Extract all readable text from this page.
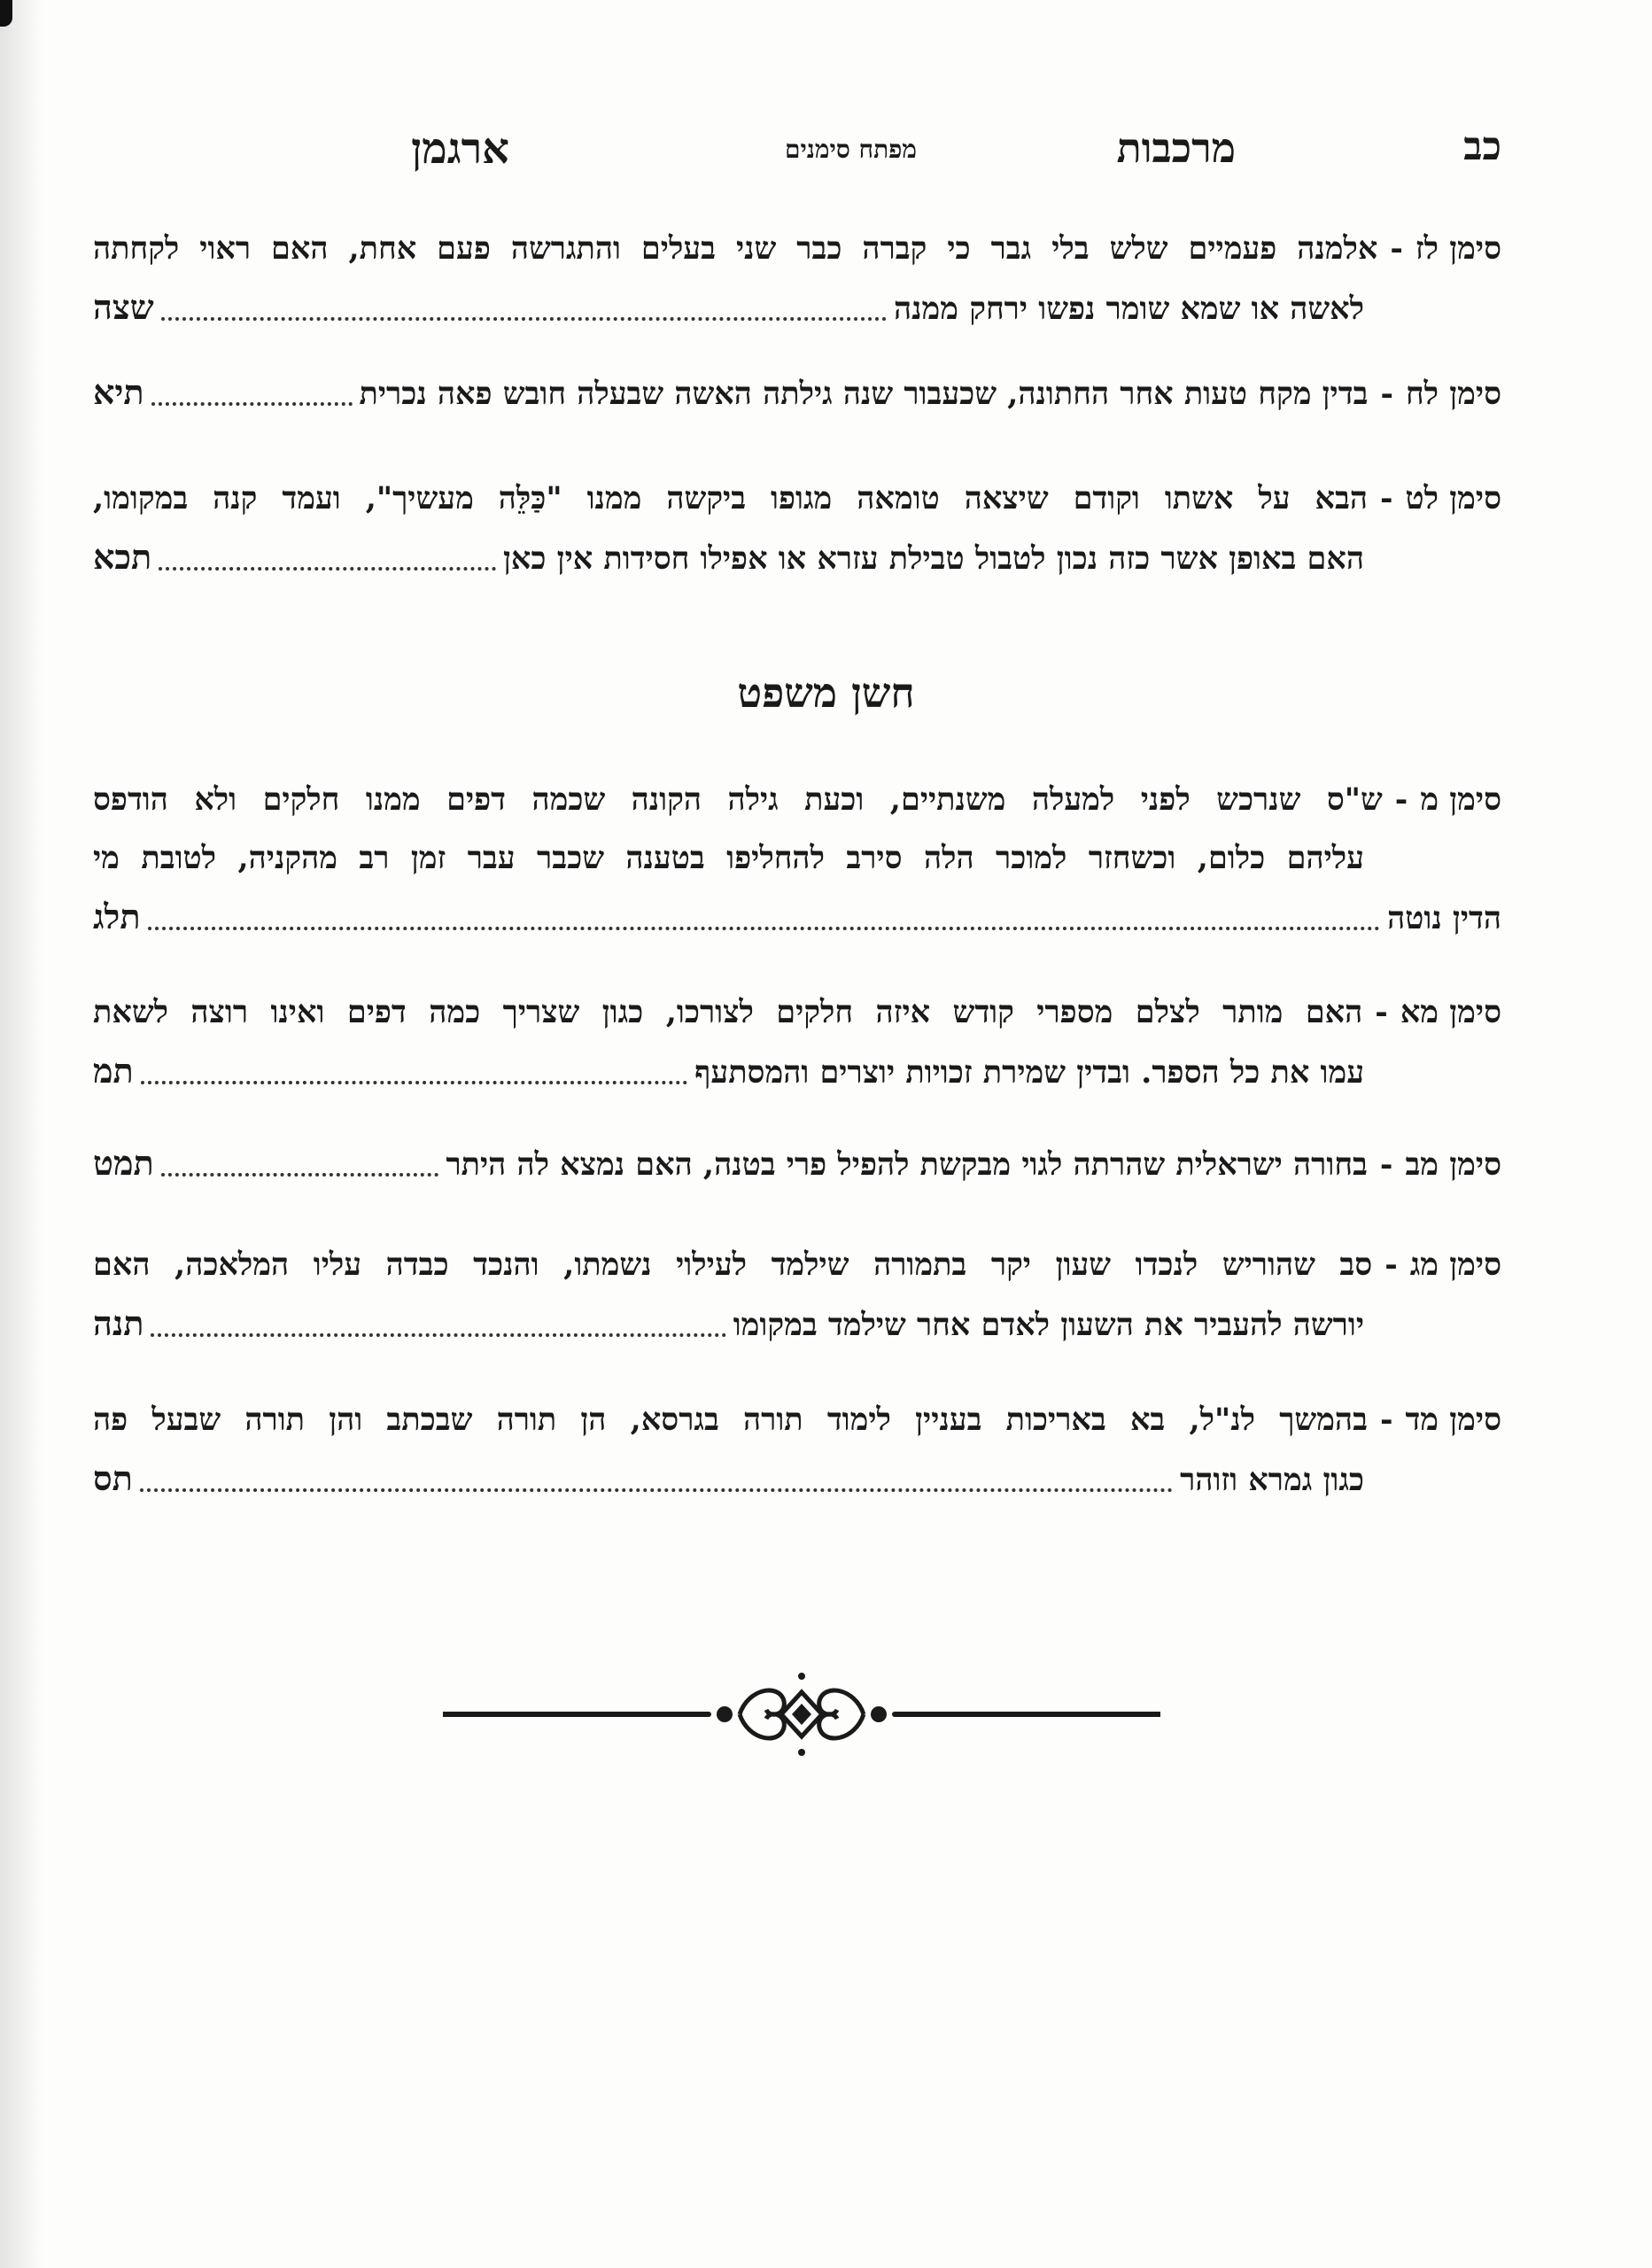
כב
מרכבות
מפתח סימנים
ארגמן
סימן לז
-
אלמנה פעמיים שלש בלי גבר כי קברה כבר שני בעלים והתגרשה פעם אחת, האם ראוי לקחתה
לאשה או שמא שומר נפשו ירחק ממנה
שצה
סימן לח
-
בדין מקח טעות אחר החתונה, שכעבור שנה גילתה האשה שבעלה חובש פאה נכרית
תיא
סימן לט
-
הבא על אשתו וקודם שיצאה טומאה מגופו ביקשה ממנו "כַּלֵּה מעשיך", ועמד קנה במקומו,
האם באופן אשר כזה נכון לטבול טבילת עזרא או אפילו חסידות אין כאן
תכא
חשן משפט
סימן מ
-
ש"ס שנרכש לפני למעלה משנתיים, וכעת גילה הקונה שכמה דפים ממנו חלקים ולא הודפס
עליהם כלום, וכשחזר למוכר הלה סירב להחליפו בטענה שכבר עבר זמן רב מהקניה, לטובת מי
הדין נוטה
תלג
סימן מא
-
האם מותר לצלם מספרי קודש איזה חלקים לצורכו, כגון שצריך כמה דפים ואינו רוצה לשאת
עמו את כל הספר. ובדין שמירת זכויות יוצרים והמסתעף
תמ
סימן מב
-
בחורה ישראלית שהרתה לגוי מבקשת להפיל פרי בטנה, האם נמצא לה היתר
תמט
סימן מג
-
סב שהוריש לנכדו שעון יקר בתמורה שילמד לעילוי נשמתו, והנכד כבדה עליו המלאכה, האם
יורשה להעביר את השעון לאדם אחר שילמד במקומו
תנה
סימן מד
-
בהמשך לנ"ל, בא באריכות בעניין לימוד תורה בגרסא, הן תורה שבכתב והן תורה שבעל פה
כגון גמרא וזוהר
תס
